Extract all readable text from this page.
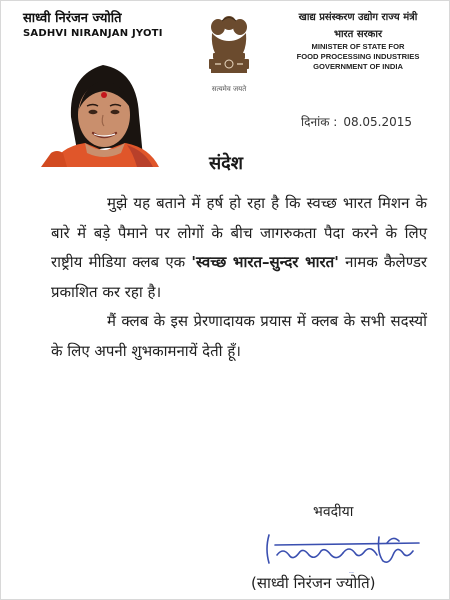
साध्वी निरंजन ज्योति
SADHVI NIRANJAN JYOTI
सत्यमेव जयते
खाद्य प्रसंस्करण उद्योग राज्य मंत्री
भारत सरकार
MINISTER OF STATE FOR
FOOD PROCESSING INDUSTRIES
GOVERNMENT OF INDIA
दिनांक : 08.05.2015
संदेश

मुझे यह बताने में हर्ष हो रहा है कि स्वच्छ भारत मिशन के बारे में बड़े पैमाने पर लोगों के बीच जागरुकता पैदा करने के लिए राष्ट्रीय मीडिया क्लब एक 'स्वच्छ भारत–सुन्दर भारत' नामक कैलेण्डर प्रकाशित कर रहा है।

मैं क्लब के इस प्रेरणादायक प्रयास में क्लब के सभी सदस्यों के लिए अपनी शुभकामनायें देती हूँ।

भवदीया
निरंजनज्योति
(साध्वी निरंजन ज्योति)
